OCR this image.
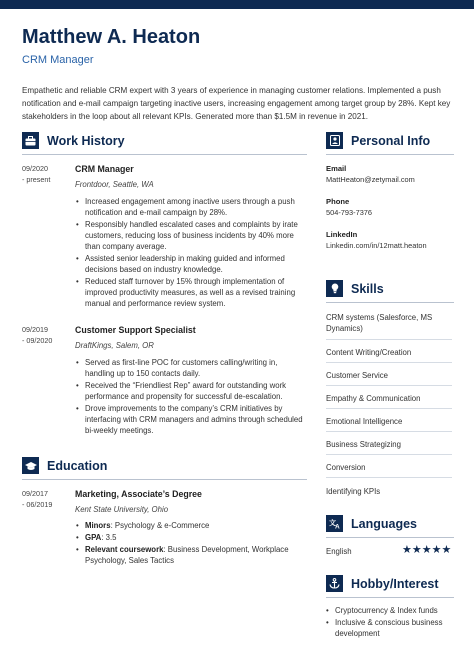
Matthew A. Heaton
CRM Manager
Empathetic and reliable CRM expert with 3 years of experience in managing customer relations. Implemented a push notification and e-mail campaign targeting inactive users, increasing engagement among target group by 28%. Kept key stakeholders in the loop about all relevant KPIs. Generated more than $1.5M in revenue in 2021.
Work History
09/2020
- present
CRM Manager
Frontdoor, Seattle, WA
• Increased engagement among inactive users through a push notification and e-mail campaign by 28%.
• Responsibly handled escalated cases and complaints by irate customers, reducing loss of business incidents by 40% more than company average.
• Assisted senior leadership in making guided and informed decisions based on industry knowledge.
• Reduced staff turnover by 15% through implementation of improved productivity measures, as well as a revised training manual and performance review system.
09/2019
- 09/2020
Customer Support Specialist
DraftKings, Salem, OR
• Served as first-line POC for customers calling/writing in, handling up to 150 contacts daily.
• Received the “Friendliest Rep” award for outstanding work performance and propensity for successful de-escalation.
• Drove improvements to the company’s CRM initiatives by interfacing with CRM managers and admins through scheduled bi-weekly meetings.
Education
09/2017
- 06/2019
Marketing, Associate’s Degree
Kent State University, Ohio
• Minors: Psychology & e-Commerce
• GPA: 3.5
• Relevant coursework: Business Development, Workplace Psychology, Sales Tactics
Personal Info
Email
MattHeaton@zetymail.com
Phone
504-793-7376
LinkedIn
Linkedin.com/in/12matt.heaton
Skills
CRM systems (Salesforce, MS Dynamics)
Content Writing/Creation
Customer Service
Empathy & Communication
Emotional Intelligence
Business Strategizing
Conversion
Identifying KPIs
文 A Languages
English	★★★★★
Hobby/Interest
• Cryptocurrency & Index funds
• Inclusive & conscious business development
